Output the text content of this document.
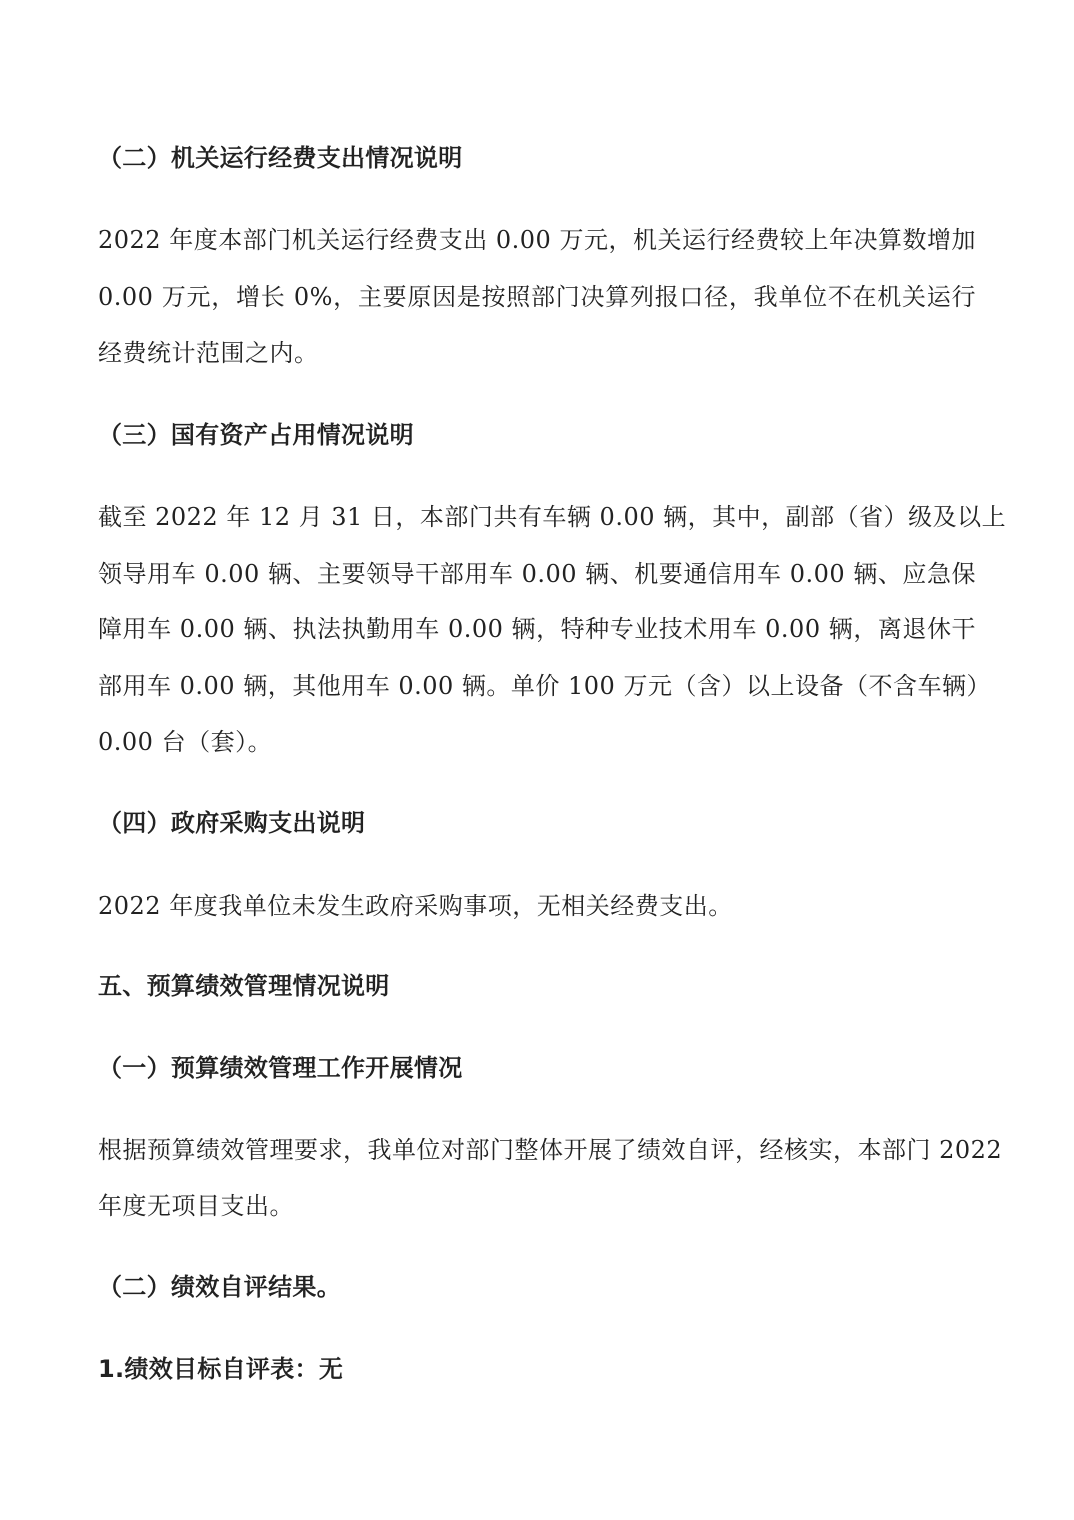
（二）机关运行经费支出情况说明
2022 年度本部门机关运行经费支出 0.00 万元，机关运行经费较上年决算数增加
0.00 万元，增长 0%，主要原因是按照部门决算列报口径，我单位不在机关运行
经费统计范围之内。
（三）国有资产占用情况说明
截至 2022 年 12 月 31 日，本部门共有车辆 0.00 辆，其中，副部（省）级及以上
领导用车 0.00 辆、主要领导干部用车 0.00 辆、机要通信用车 0.00 辆、应急保
障用车 0.00 辆、执法执勤用车 0.00 辆，特种专业技术用车 0.00 辆，离退休干
部用车 0.00 辆，其他用车 0.00 辆。单价 100 万元（含）以上设备（不含车辆）
0.00 台（套）。
（四）政府采购支出说明
2022 年度我单位未发生政府采购事项，无相关经费支出。
五、预算绩效管理情况说明
（一）预算绩效管理工作开展情况
根据预算绩效管理要求，我单位对部门整体开展了绩效自评，经核实，本部门 2022
年度无项目支出。
（二）绩效自评结果。
1.绩效目标自评表：无
